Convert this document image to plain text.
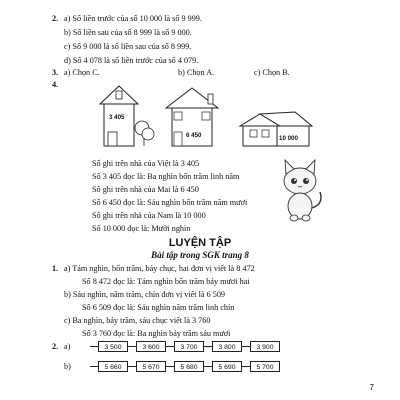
2. a) Số liền trước của số 10 000 là số 9 999.
b) Số liền sau của số 8 999 là số 9 000.
c) Số 9 000 là số liền sau của số 8 999.
d) Số 4 078 là số liền trước của số 4 079.
3. a) Chọn C.	b) Chọn A.	c) Chọn B.
4.
3 405
6 450	10 000
Số ghi trên nhà của Việt là 3 405
Số 3 405 đọc là: Ba nghìn bốn trăm linh năm
Số ghi trên nhà của Mai là 6 450
Số 6 450 đọc là: Sáu nghìn bốn trăm năm mươi
Số ghi trên nhà của Nam là 10 000
Số 10 000 đọc là: Mười nghìn
LUYỆN TẬP
Bài tập trong SGK trang 8
1. a) Tám nghìn, bốn trăm, bảy chục, hai đơn vị viết là 8 472
Số 8 472 đọc là: Tám nghìn bốn trăm bảy mươi hai
b) Sáu nghìn, năm trăm, chín đơn vị viết là 6 509
Số 6 509 đọc là: Sáu nghìn năm trăm linh chín
c) Ba nghìn, bảy trăm, sáu chục viết là 3 760
Số 3 760 đọc là: Ba nghìn bảy trăm sáu mươi
2. a)	3 500	3 600	3 700	3 800	3 900
b)	5 660	5 670	5 680	5 690	5 700
7
